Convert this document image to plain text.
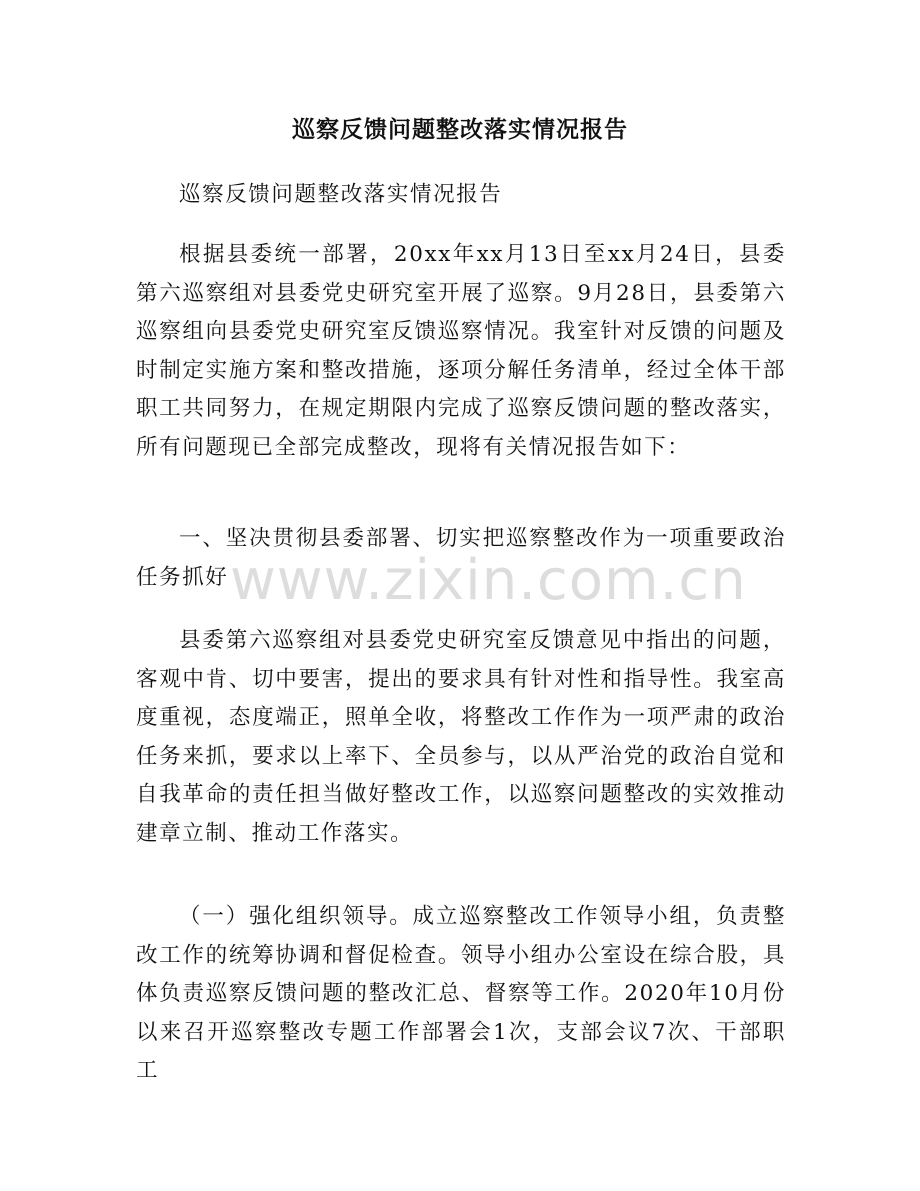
巡察反馈问题整改落实情况报告

巡察反馈问题整改落实情况报告

根据县委统一部署，20xx年xx月13日至xx月24日，县委第六巡察组对县委党史研究室开展了巡察。9月28日，县委第六巡察组向县委党史研究室反馈巡察情况。我室针对反馈的问题及时制定实施方案和整改措施，逐项分解任务清单，经过全体干部职工共同努力，在规定期限内完成了巡察反馈问题的整改落实，所有问题现已全部完成整改，现将有关情况报告如下：

一、坚决贯彻县委部署、切实把巡察整改作为一项重要政治任务抓好

县委第六巡察组对县委党史研究室反馈意见中指出的问题，客观中肯、切中要害，提出的要求具有针对性和指导性。我室高度重视，态度端正，照单全收，将整改工作作为一项严肃的政治任务来抓，要求以上率下、全员参与，以从严治党的政治自觉和自我革命的责任担当做好整改工作，以巡察问题整改的实效推动建章立制、推动工作落实。

（一）强化组织领导。成立巡察整改工作领导小组，负责整改工作的统筹协调和督促检查。领导小组办公室设在综合股，具体负责巡察反馈问题的整改汇总、督察等工作。2020年10月份以来召开巡察整改专题工作部署会1次，支部会议7次、干部职工

www.zixin.com.cn
